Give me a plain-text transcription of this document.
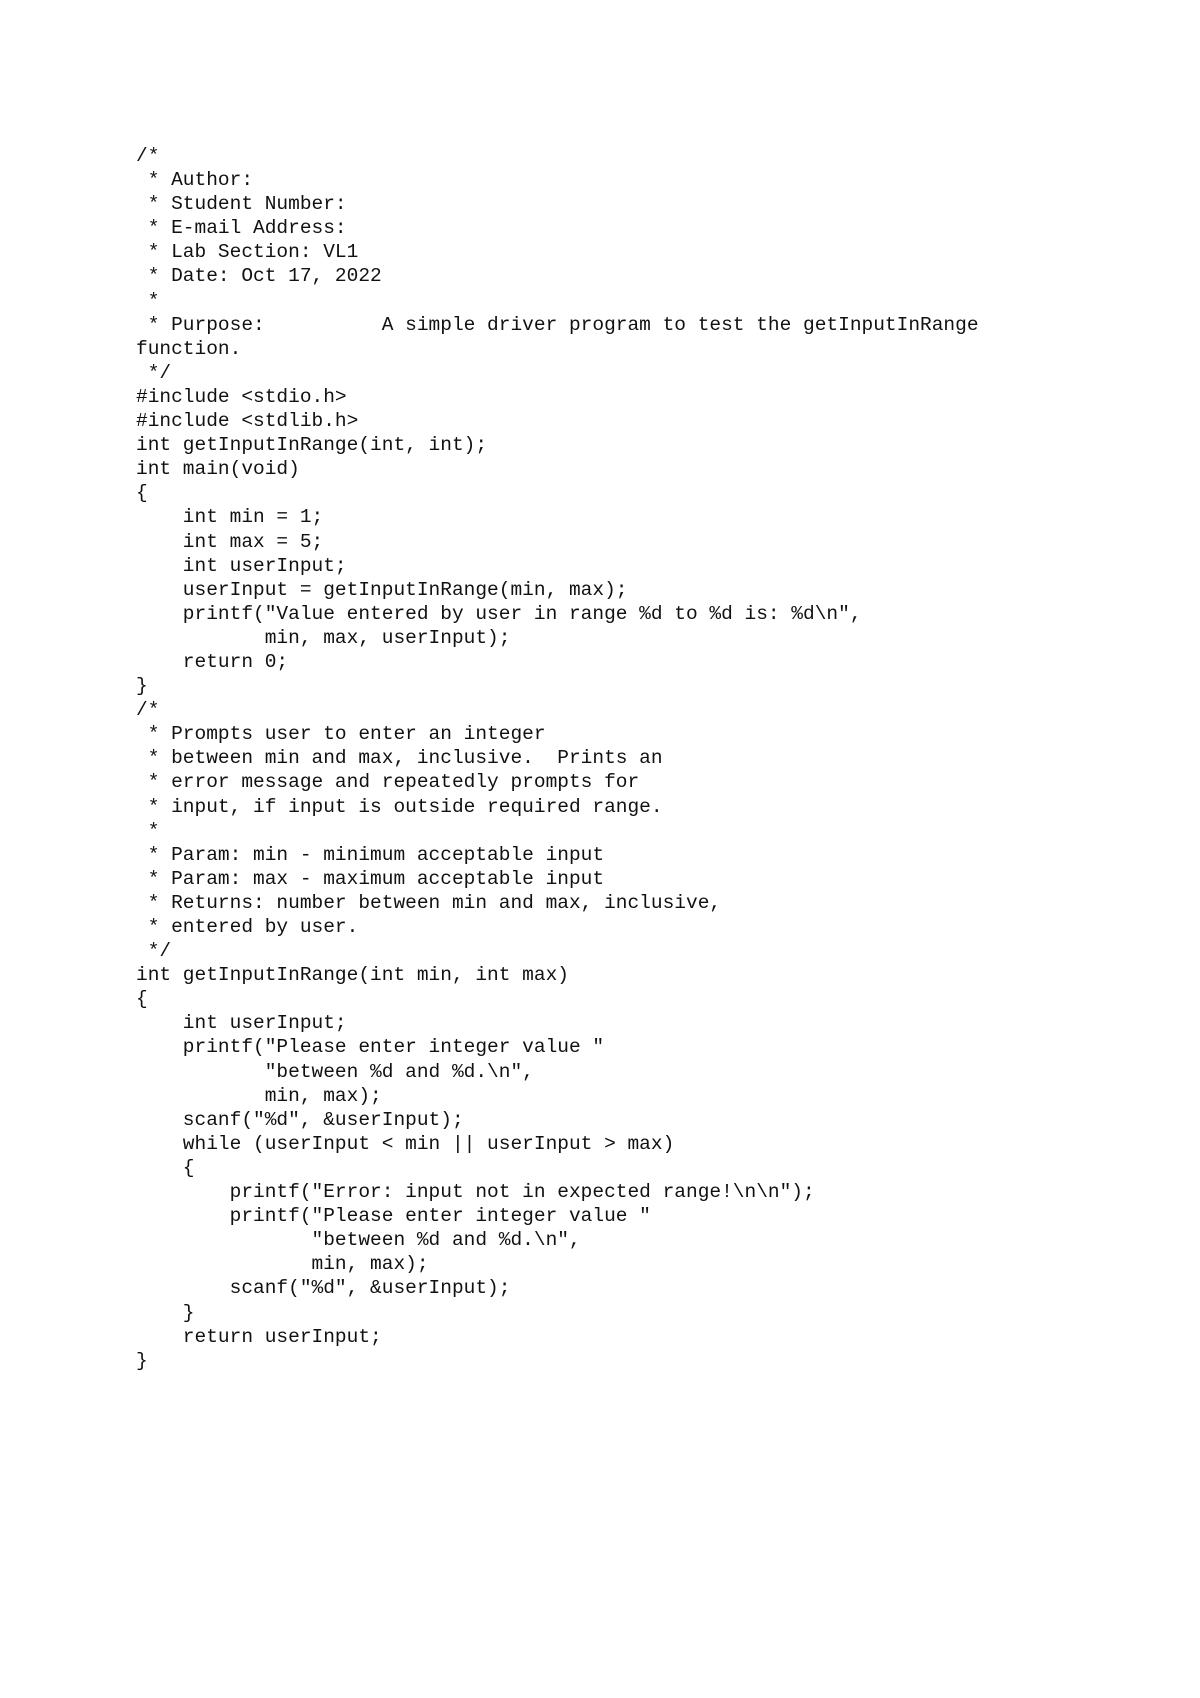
/*
* Author:
* Student Number:
* E-mail Address:
* Lab Section: VL1
* Date: Oct 17, 2022
*
* Purpose:          A simple driver program to test the getInputInRange
function.
*/
#include <stdio.h>
#include <stdlib.h>
int getInputInRange(int, int);
int main(void)
{
int min = 1;
int max = 5;
int userInput;
userInput = getInputInRange(min, max);
printf("Value entered by user in range %d to %d is: %d\n",
min, max, userInput);
return 0;
}
/*
* Prompts user to enter an integer
* between min and max, inclusive.  Prints an
* error message and repeatedly prompts for
* input, if input is outside required range.
*
* Param: min - minimum acceptable input
* Param: max - maximum acceptable input
* Returns: number between min and max, inclusive,
* entered by user.
*/
int getInputInRange(int min, int max)
{
int userInput;
printf("Please enter integer value "
"between %d and %d.\n",
min, max);
scanf("%d", &userInput);
while (userInput < min || userInput > max)
{
printf("Error: input not in expected range!\n\n");
printf("Please enter integer value "
"between %d and %d.\n",
min, max);
scanf("%d", &userInput);
}
return userInput;
}
